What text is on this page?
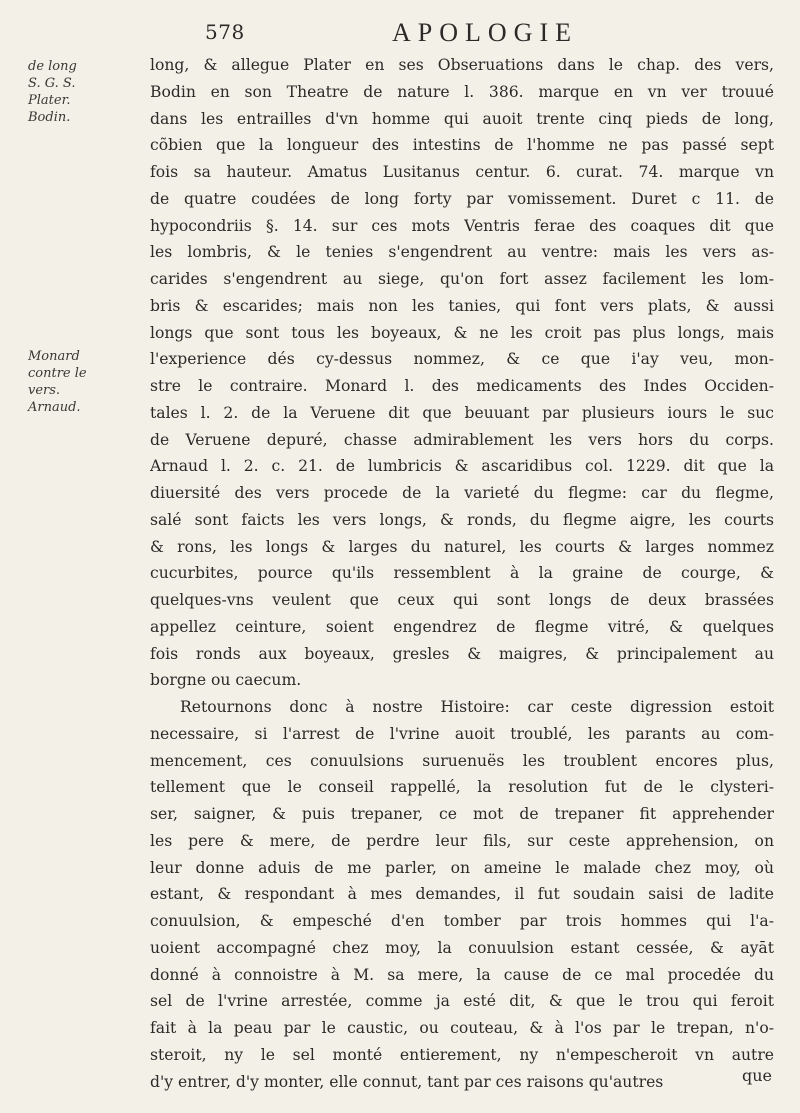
578	APOLOGIE
de long
S. G. S.
Plater.
Bodin.
Monard
contre le
vers.
Arnaud.
long, & allegue Plater en ses Obseruations dans le chap. des vers,
Bodin en son Theatre de nature l. 386. marque en vn ver trouué
dans les entrailles d'vn homme qui auoit trente cinq pieds de long,
cõbien que la longueur des intestins de l'homme ne pas passé sept
fois sa hauteur. Amatus Lusitanus centur. 6. curat. 74. marque vn
de quatre coudées de long forty par vomissement. Duret c 11. de
hypocondriis §. 14. sur ces mots Ventris ferae des coaques dit que
les lombris, & le tenies s'engendrent au ventre: mais les vers as-
carides s'engendrent au siege, qu'on fort assez facilement les lom-
bris & escarides; mais non les tanies, qui font vers plats, & aussi
longs que sont tous les boyeaux, & ne les croit pas plus longs, mais
l'experience dés cy-dessus nommez, & ce que i'ay veu, mon-
stre le contraire. Monard l. des medicaments des Indes Occiden-
tales l. 2. de la Veruene dit que beuuant par plusieurs iours le suc
de Veruene depuré, chasse admirablement les vers hors du corps.
Arnaud l. 2. c. 21. de lumbricis & ascaridibus col. 1229. dit que la
diuersité des vers procede de la varieté du flegme: car du flegme,
salé sont faicts les vers longs, & ronds, du flegme aigre, les courts
& rons, les longs & larges du naturel, les courts & larges nommez
cucurbites, pource qu'ils ressemblent à la graine de courge, &
quelques-vns veulent que ceux qui sont longs de deux brassées
appellez ceinture, soient engendrez de flegme vitré, & quelques
fois ronds aux boyeaux, gresles & maigres, & principalement au
borgne ou caecum.
Retournons donc à nostre Histoire: car ceste digression estoit
necessaire, si l'arrest de l'vrine auoit troublé, les parants au com-
mencement, ces conuulsions suruenuës les troublent encores plus,
tellement que le conseil rappellé, la resolution fut de le clysteri-
ser, saigner, & puis trepaner, ce mot de trepaner fit apprehender
les pere & mere, de perdre leur fils, sur ceste apprehension, on
leur donne aduis de me parler, on ameine le malade chez moy, où
estant, & respondant à mes demandes, il fut soudain saisi de ladite
conuulsion, & empesché d'en tomber par trois hommes qui l'a-
uoient accompagné chez moy, la conuulsion estant cessée, & ayāt
donné à connoistre à M. sa mere, la cause de ce mal procedée du
sel de l'vrine arrestée, comme ja esté dit, & que le trou qui feroit
fait à la peau par le caustic, ou couteau, & à l'os par le trepan, n'o-
steroit, ny le sel monté entierement, ny n'empescheroit vn autre
d'y entrer, d'y monter, elle connut, tant par ces raisons qu'autres	que
